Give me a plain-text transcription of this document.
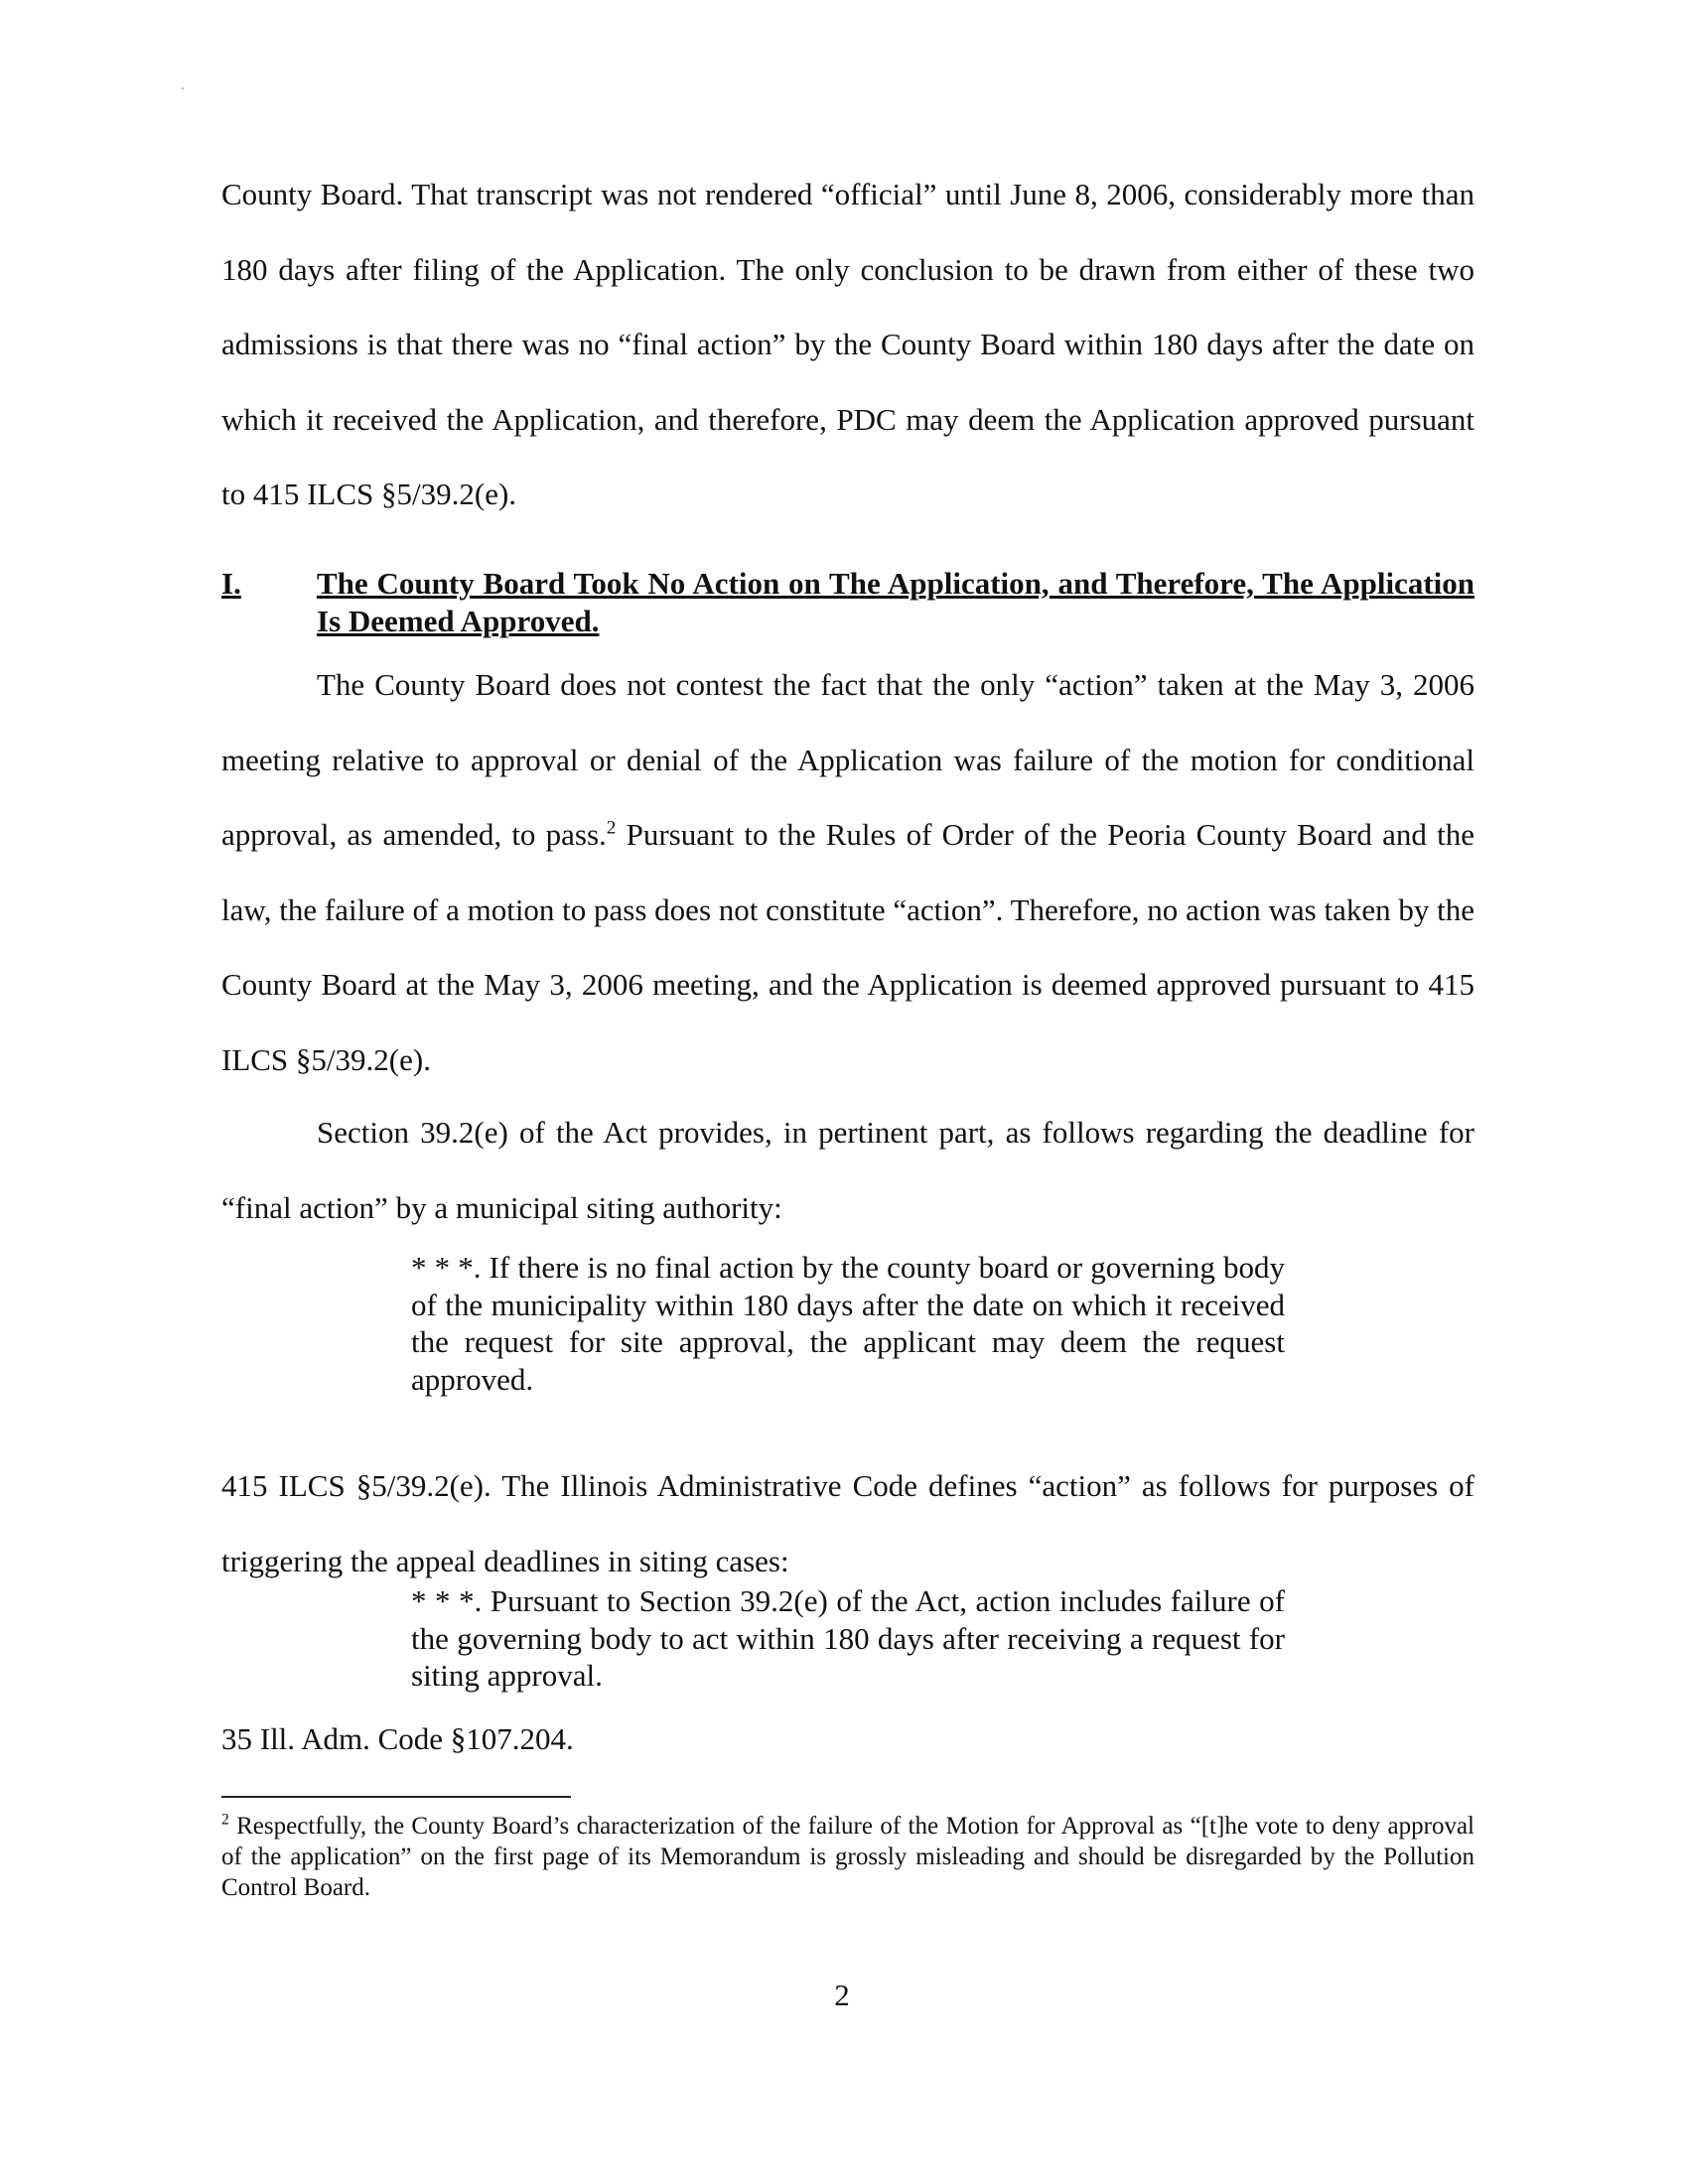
County Board. That transcript was not rendered “official” until June 8, 2006, considerably more than 180 days after filing of the Application. The only conclusion to be drawn from either of these two admissions is that there was no “final action” by the County Board within 180 days after the date on which it received the Application, and therefore, PDC may deem the Application approved pursuant to 415 ILCS §5/39.2(e).

I. The County Board Took No Action on The Application, and Therefore, The Application Is Deemed Approved.

The County Board does not contest the fact that the only “action” taken at the May 3, 2006 meeting relative to approval or denial of the Application was failure of the motion for conditional approval, as amended, to pass.$^2$ Pursuant to the Rules of Order of the Peoria County Board and the law, the failure of a motion to pass does not constitute “action”. Therefore, no action was taken by the County Board at the May 3, 2006 meeting, and the Application is deemed approved pursuant to 415 ILCS §5/39.2(e).

Section 39.2(e) of the Act provides, in pertinent part, as follows regarding the deadline for “final action” by a municipal siting authority:

* * *. If there is no final action by the county board or governing body of the municipality within 180 days after the date on which it received the request for site approval, the applicant may deem the request approved.

415 ILCS §5/39.2(e). The Illinois Administrative Code defines “action” as follows for purposes of triggering the appeal deadlines in siting cases:

* * *. Pursuant to Section 39.2(e) of the Act, action includes failure of the governing body to act within 180 days after receiving a request for siting approval.

35 Ill. Adm. Code §107.204.

$^2$ Respectfully, the County Board’s characterization of the failure of the Motion for Approval as “[t]he vote to deny approval of the application” on the first page of its Memorandum is grossly misleading and should be disregarded by the Pollution Control Board.

2
